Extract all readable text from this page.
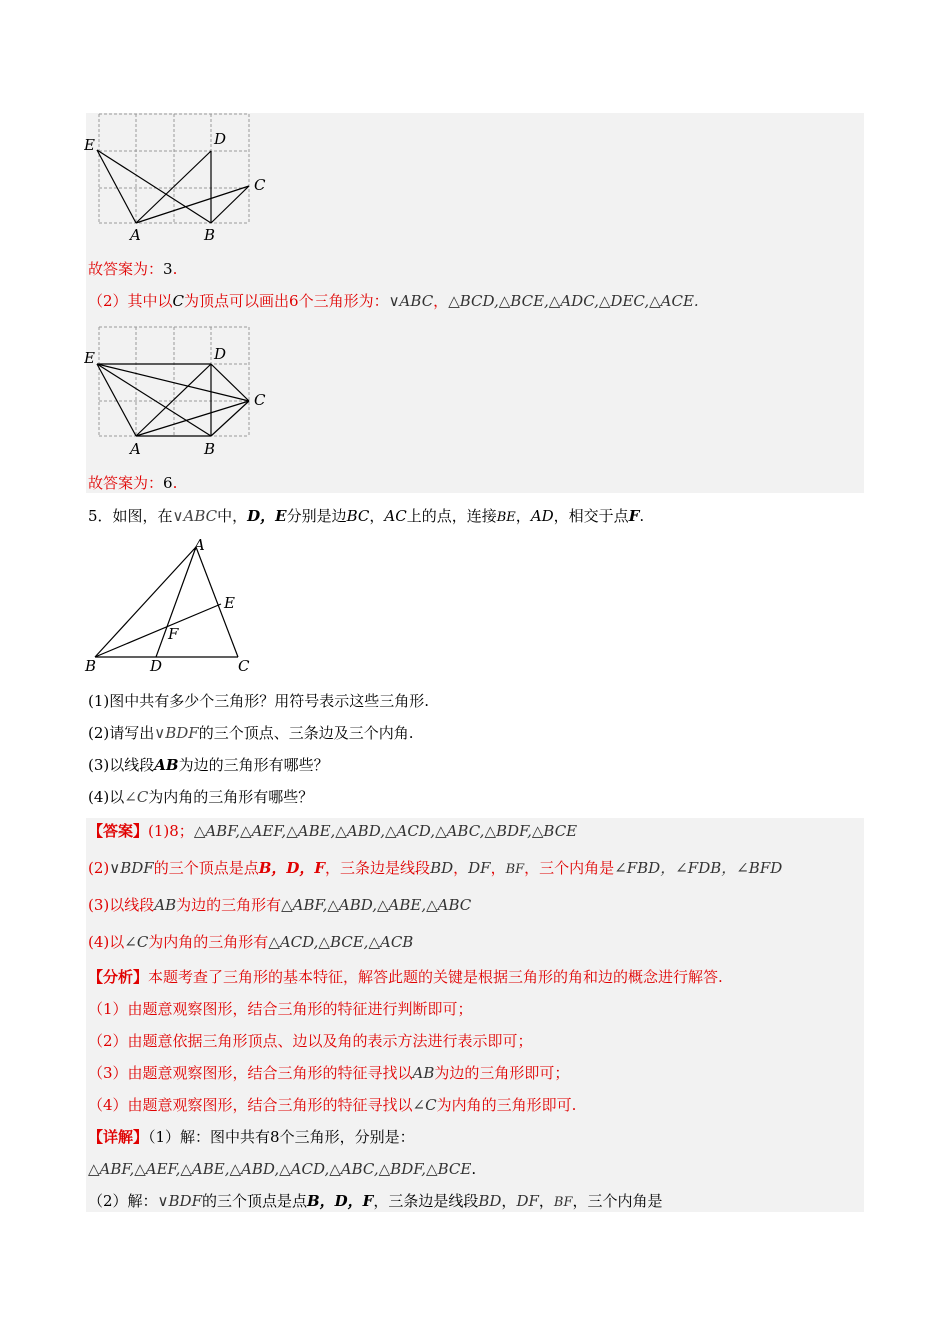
E	D
C
A	B
故答案为：3.
（2）其中以C为顶点可以画出6个三角形为：∨ABC，△BCD,△BCE,△ADC,△DEC,△ACE.
E	D
C
A	B
故答案为：6.
5．如图，在∨ABC中，D，E分别是边BC，AC上的点，连接BE，AD，相交于点F.
A
E
F
B	D	C
(1)图中共有多少个三角形？用符号表示这些三角形.
(2)请写出∨BDF的三个顶点、三条边及三个内角.
(3)以线段AB为边的三角形有哪些？
(4)以∠C为内角的三角形有哪些？
【答案】(1)8；△ABF,△AEF,△ABE,△ABD,△ACD,△ABC,△BDF,△BCE
(2)∨BDF的三个顶点是点B，D，F，三条边是线段BD，DF，BF，三个内角是∠FBD，∠FDB，∠BFD
(3)以线段AB为边的三角形有△ABF,△ABD,△ABE,△ABC
(4)以∠C为内角的三角形有△ACD,△BCE,△ACB
【分析】本题考查了三角形的基本特征，解答此题的关键是根据三角形的角和边的概念进行解答.
（1）由题意观察图形，结合三角形的特征进行判断即可；
（2）由题意依据三角形顶点、边以及角的表示方法进行表示即可；
（3）由题意观察图形，结合三角形的特征寻找以AB为边的三角形即可；
（4）由题意观察图形，结合三角形的特征寻找以∠C为内角的三角形即可.
【详解】（1）解：图中共有8个三角形，分别是：
△ABF,△AEF,△ABE,△ABD,△ACD,△ABC,△BDF,△BCE.
（2）解：∨BDF的三个顶点是点B，D，F，三条边是线段BD，DF，BF，三个内角是
